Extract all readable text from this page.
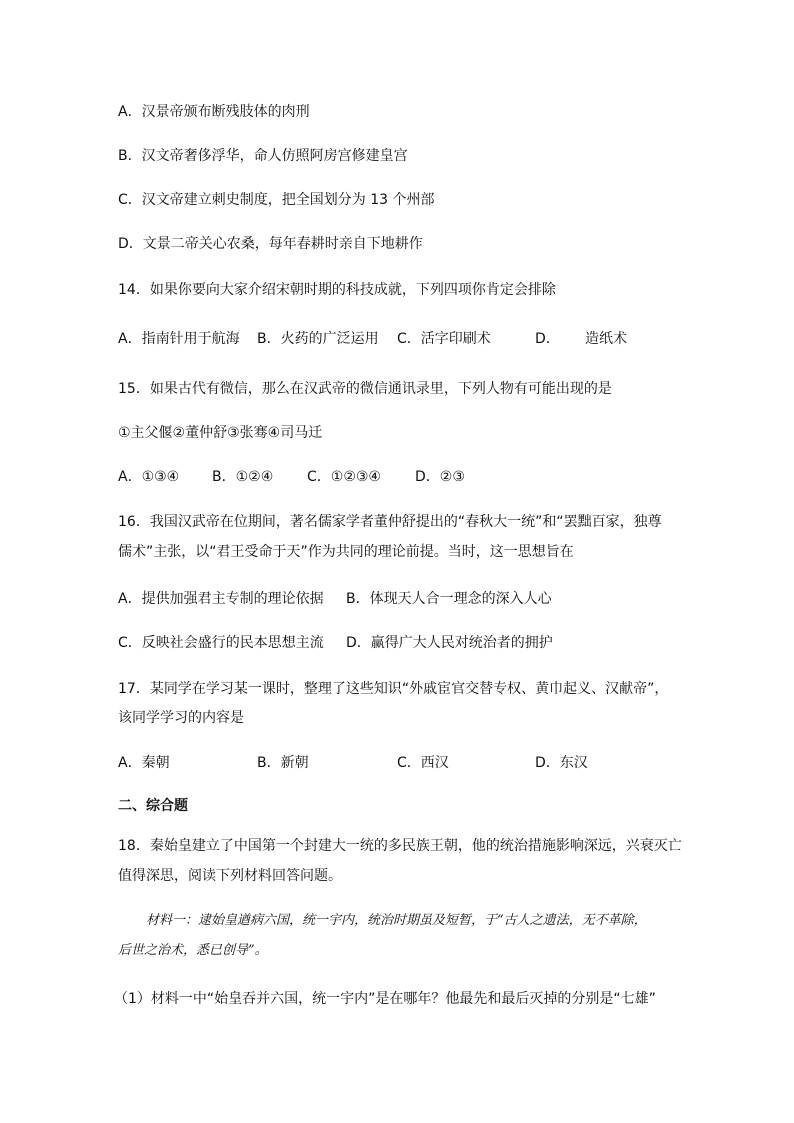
A．汉景帝颁布断残肢体的肉刑
B．汉文帝奢侈浮华，命人仿照阿房宫修建皇宫
C．汉文帝建立刺史制度，把全国划分为 13 个州部
D．文景二帝关心农桑，每年春耕时亲自下地耕作
14．如果你要向大家介绍宋朝时期的科技成就，下列四项你肯定会排除
A．指南针用于航海 B．火药的广泛运用 C．活字印刷术	D． 造纸术
15．如果古代有微信，那么在汉武帝的微信通讯录里，下列人物有可能出现的是
①主父偃②董仲舒③张骞④司马迁
A．①③④ B．①②④ C．①②③④ D．②③
16．我国汉武帝在位期间，著名儒家学者董仲舒提出的“春秋大一统”和“罢黜百家，独尊
儒术”主张，以“君王受命于天”作为共同的理论前提。当时，这一思想旨在
A．提供加强君主专制的理论依据 B．体现天人合一理念的深入人心
C．反映社会盛行的民本思想主流 D．赢得广大人民对统治者的拥护
17．某同学在学习某一课时，整理了这些知识“外戚宦官交替专权、黄巾起义、汉献帝”，
该同学学习的内容是
A．秦朝	B．新朝	C．西汉	D．东汉
二、综合题
18．秦始皇建立了中国第一个封建大一统的多民族王朝，他的统治措施影响深远，兴衰灭亡
值得深思，阅读下列材料回答问题。
材料一：逮始皇遒病六国，统一宇内，统治时期虽及短暂，于“古人之遗法，无不革除，
后世之治术，悉已创导”。
（1）材料一中“始皇吞并六国，统一宇内”是在哪年？他最先和最后灭掉的分别是“七雄”
